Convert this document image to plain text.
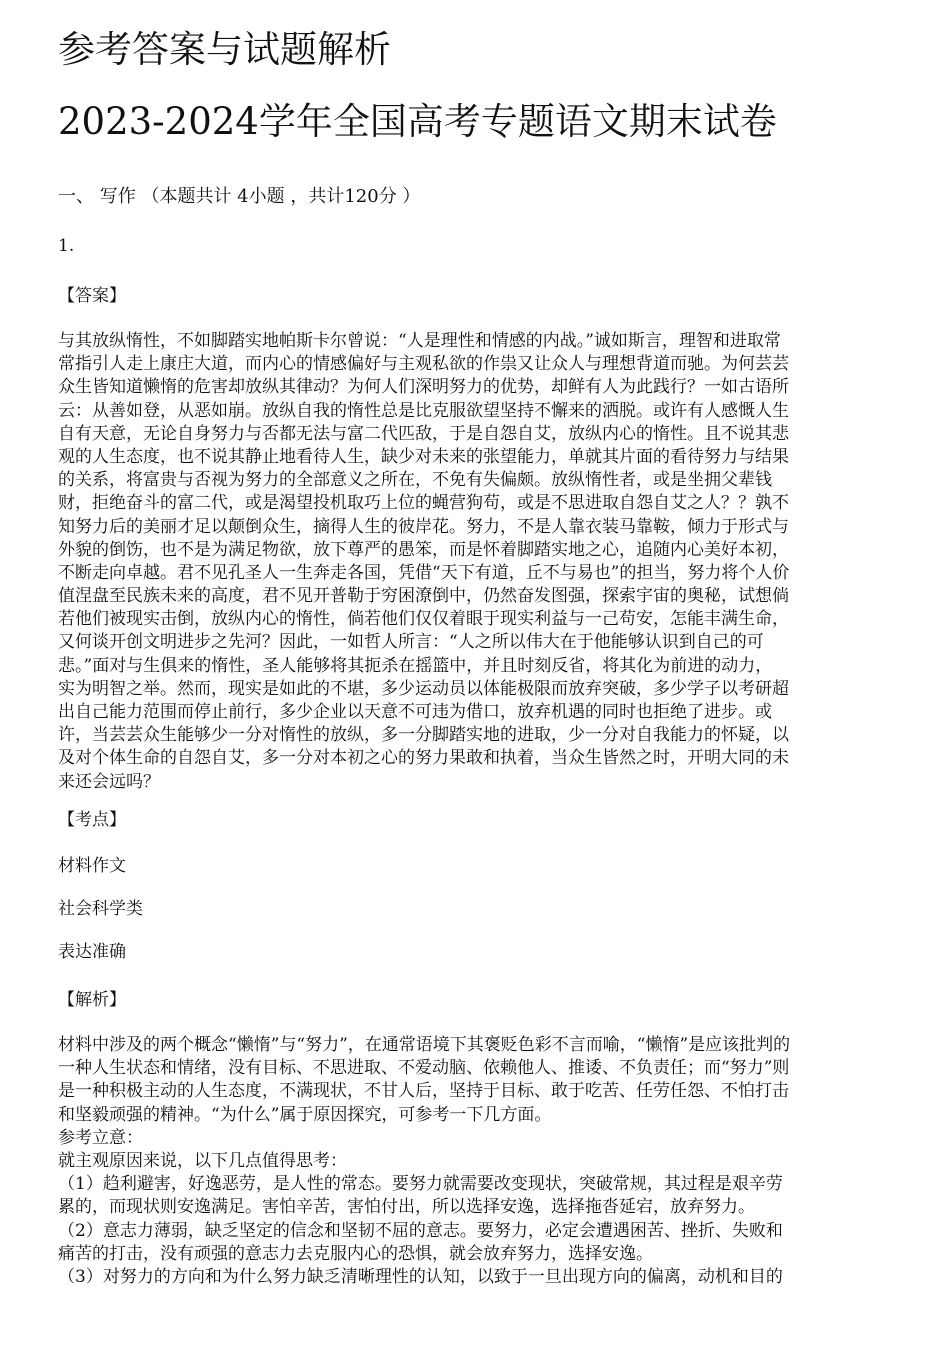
参考答案与试题解析
2023-2024学年全国高考专题语文期末试卷
一、 写作 （本题共计 4小题 ，共计120分 ）
1.
【答案】
与其放纵惰性，不如脚踏实地帕斯卡尔曾说：“人是理性和情感的内战。”诚如斯言，理智和进取常
常指引人走上康庄大道，而内心的情感偏好与主观私欲的作祟又让众人与理想背道而驰。为何芸芸
众生皆知道懒惰的危害却放纵其律动？为何人们深明努力的优势，却鲜有人为此践行？一如古语所
云：从善如登，从恶如崩。放纵自我的惰性总是比克服欲望坚持不懈来的洒脱。或许有人感慨人生
自有天意，无论自身努力与否都无法与富二代匹敌，于是自怨自艾，放纵内心的惰性。且不说其悲
观的人生态度，也不说其静止地看待人生，缺少对未来的张望能力，单就其片面的看待努力与结果
的关系，将富贵与否视为努力的全部意义之所在，不免有失偏颇。放纵惰性者，或是坐拥父辈钱
财，拒绝奋斗的富二代，或是渴望投机取巧上位的蝇营狗苟，或是不思进取自怨自艾之人？？孰不
知努力后的美丽才足以颠倒众生，摘得人生的彼岸花。努力，不是人靠衣装马靠鞍，倾力于形式与
外貌的倒饬，也不是为满足物欲，放下尊严的愚笨，而是怀着脚踏实地之心，追随内心美好本初，
不断走向卓越。君不见孔圣人一生奔走各国，凭借“天下有道，丘不与易也”的担当，努力将个人价
值涅盘至民族未来的高度，君不见开普勒于穷困潦倒中，仍然奋发图强，探索宇宙的奥秘，试想倘
若他们被现实击倒，放纵内心的惰性，倘若他们仅仅着眼于现实利益与一己苟安，怎能丰满生命，
又何谈开创文明进步之先河？因此，一如哲人所言：“人之所以伟大在于他能够认识到自己的可
悲。”面对与生俱来的惰性，圣人能够将其扼杀在摇篮中，并且时刻反省，将其化为前进的动力，
实为明智之举。然而，现实是如此的不堪，多少运动员以体能极限而放弃突破，多少学子以考研超
出自己能力范围而停止前行，多少企业以天意不可违为借口，放弃机遇的同时也拒绝了进步。或
许，当芸芸众生能够少一分对惰性的放纵，多一分脚踏实地的进取，少一分对自我能力的怀疑，以
及对个体生命的自怨自艾，多一分对本初之心的努力果敢和执着，当众生皆然之时，开明大同的未
来还会远吗？
【考点】
材料作文
社会科学类
表达准确
【解析】
材料中涉及的两个概念“懒惰”与“努力”，在通常语境下其褒贬色彩不言而喻，“懒惰”是应该批判的
一种人生状态和情绪，没有目标、不思进取、不爱动脑、依赖他人、推诿、不负责任；而“努力”则
是一种积极主动的人生态度，不满现状，不甘人后，坚持于目标、敢于吃苦、任劳任怨、不怕打击
和坚毅顽强的精神。“为什么”属于原因探究，可参考一下几方面。
参考立意：
就主观原因来说，以下几点值得思考：
（1）趋利避害，好逸恶劳，是人性的常态。要努力就需要改变现状，突破常规，其过程是艰辛劳
累的，而现状则安逸满足。害怕辛苦，害怕付出，所以选择安逸，选择拖沓延宕，放弃努力。
（2）意志力薄弱，缺乏坚定的信念和坚韧不屈的意志。要努力，必定会遭遇困苦、挫折、失败和
痛苦的打击，没有顽强的意志力去克服内心的恐惧，就会放弃努力，选择安逸。
（3）对努力的方向和为什么努力缺乏清晰理性的认知，以致于一旦出现方向的偏离，动机和目的
